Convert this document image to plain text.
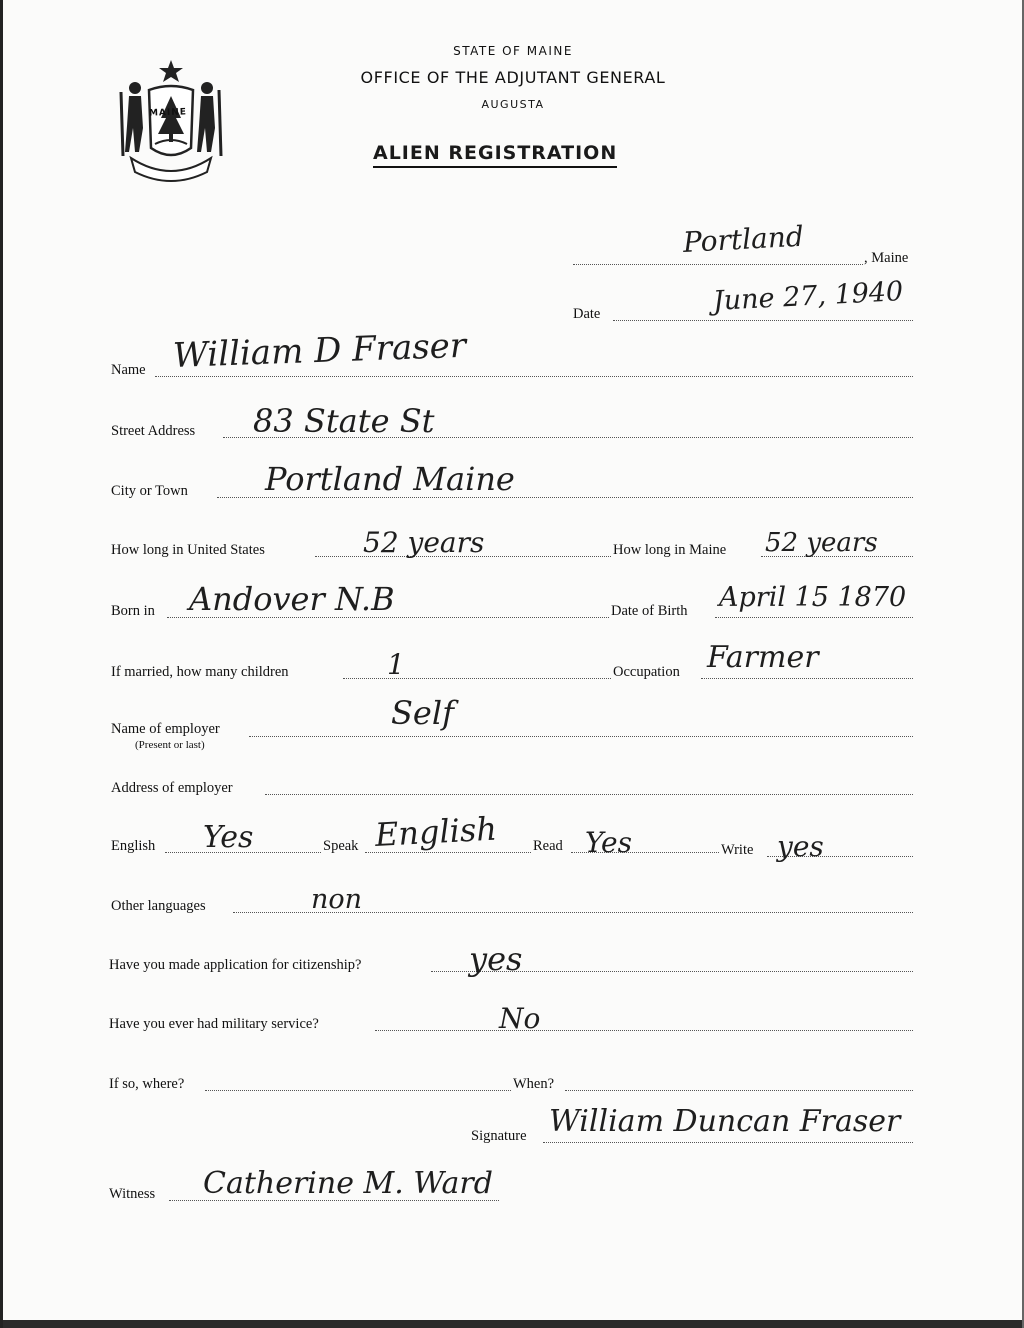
MAINE
STATE OF MAINE
OFFICE OF THE ADJUTANT GENERAL
AUGUSTA
ALIEN REGISTRATION
, Maine
Portland
Date	June 27, 1940
Name William D Fraser
Street Address 83 State St
City or Town Portland Maine
How long in United States	52 years	How long in Maine 52 years
Born in Andover N.B	Date of Birth April 15 1870
If married, how many children	1	Occupation Farmer
Name of employer
(Present or last)
Self
Address of employer
English Yes	Speak English Read Yes	Write yes
Other languages	non
Have you made application for citizenship?	yes
Have you ever had military service?	No
If so, where?	When?
Signature William Duncan Fraser
Witness Catherine M. Ward
